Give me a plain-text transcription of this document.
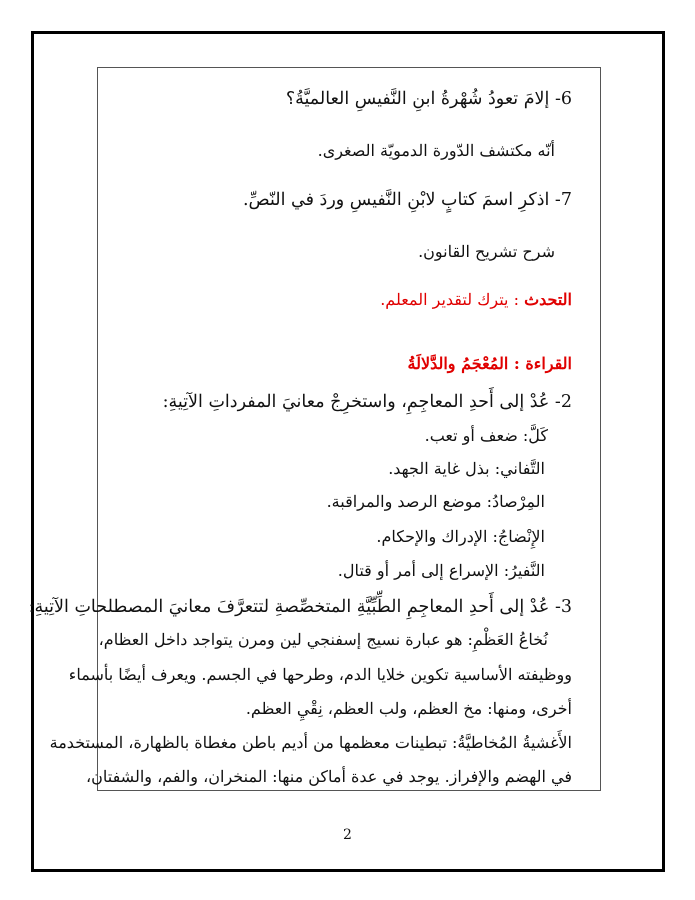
6- إلامَ تعودُ شُهْرةُ ابنِ النَّفيسِ العالميَّةُ؟
أنّه مكتشف الدّورة الدمويّة الصغرى.
7- اذكرِ اسمَ كتابٍ لابْنِ النَّفيسِ وردَ في النّصِّ.
شرح تشريح القانون.
التحدث : يترك لتقدير المعلم.
القراءة : المُعْجَمُ والدَّلالَةُ
2- عُدْ إلى أَحدِ المعاجِمِ، واستخرِجْ معانيَ المفرداتِ الآتِيةِ:
كَلَّ: ضعف أو تعب.
التَّفاني: بذل غاية الجهد.
المِرْصادُ: موضع الرصد والمراقبة.
الإِنْضاجُ: الإدراك والإحكام.
النَّفيرُ: الإسراع إلى أمر أو قتال.
3- عُدْ إلى أَحدِ المعاجِمِ الطِّبِّيَّةِ المتخصِّصةِ لتتعرَّفَ معانيَ المصطلحاتِ الآتِيةِ:
نُخاعُ العَظْمِ: هو عبارة نسيج إسفنجي لين ومرن يتواجد داخل العظام،
ووظيفته الأساسية تكوين خلايا الدم، وطرحها في الجسم. ويعرف أيضًا بأسماء
أخرى، ومنها: مخ العظم، ولب العظم، نِقْيِ العظم.
الأَغشيةُ المُخاطيَّةُ: تبطينات معظمها من أديم باطن مغطاة بالظهارة، المستخدمة
في الهضم والإفراز. يوجد في عدة أماكن منها: المنخران، والفم، والشفتان،
2
